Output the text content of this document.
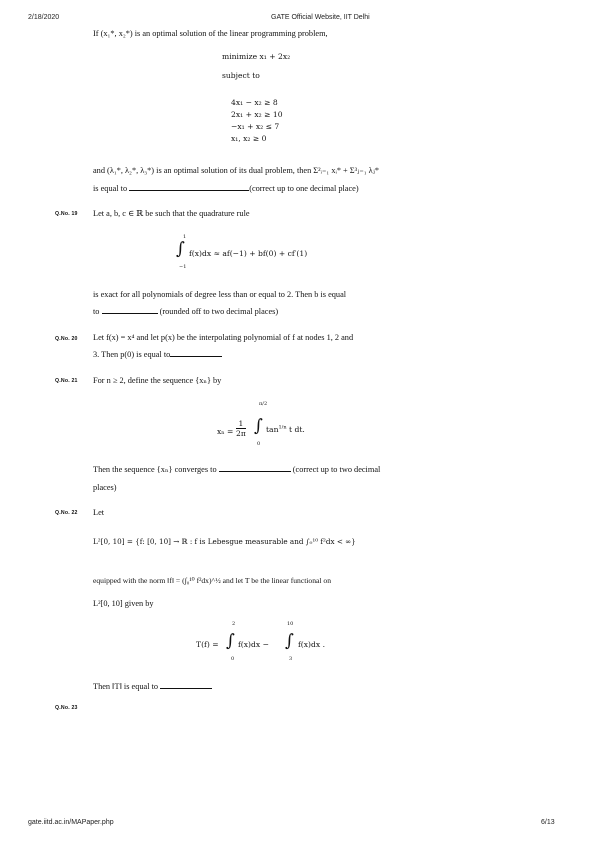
2/18/2020	GATE Official Website, IIT Delhi
If (x₁*, x₂*) is an optimal solution of the linear programming problem,
minimize x₁ + 2x₂
subject to
4x₁ − x₂ ≥ 8
2x₁ + x₂ ≥ 10
−x₁ + x₂ ≤ 7
x₁, x₂ ≥ 0
and (λ₁*, λ₂*, λ₃*) is an optimal solution of its dual problem, then Σ²ᵢ₌₁ xᵢ* + Σ³ⱼ₌₁ λⱼ*
is equal to	(correct up to one decimal place)
Q.No. 19 Let a, b, c ∈ ℝ be such that the quadrature rule
1
∫
−1
f(x)dx ≈ af(−1) + bf(0) + cf′(1)
is exact for all polynomials of degree less than or equal to 2. Then b is equal
to	(rounded off to two decimal places)
Q.No. 20 Let f(x) = x⁴ and let p(x) be the interpolating polynomial of f at nodes 1, 2 and
3. Then p(0) is equal to
Q.No. 21 For n ≥ 2, define the sequence {xₙ} by
$x_n = \frac{1}{2\pi}$
π/2
∫
0
$\tan^{1/n} t$ dt.
Then the sequence {xₙ} converges to	(correct up to two decimal
places)
Q.No. 22 Let
L²[0, 10] = {f: [0, 10] → ℝ : f is Lebesgue measurable and ∫₀¹⁰ f²dx < ∞}
equipped with the norm ‖f‖ = (∫₀¹⁰ f²dx)^½ and let T be the linear functional on
L²[0, 10] given by
T(f) =
2
∫
0
f(x)dx −
10
∫
3
f(x)dx .
Then ‖T‖ is equal to
Q.No. 23
gate.iitd.ac.in/MAPaper.php	6/13
